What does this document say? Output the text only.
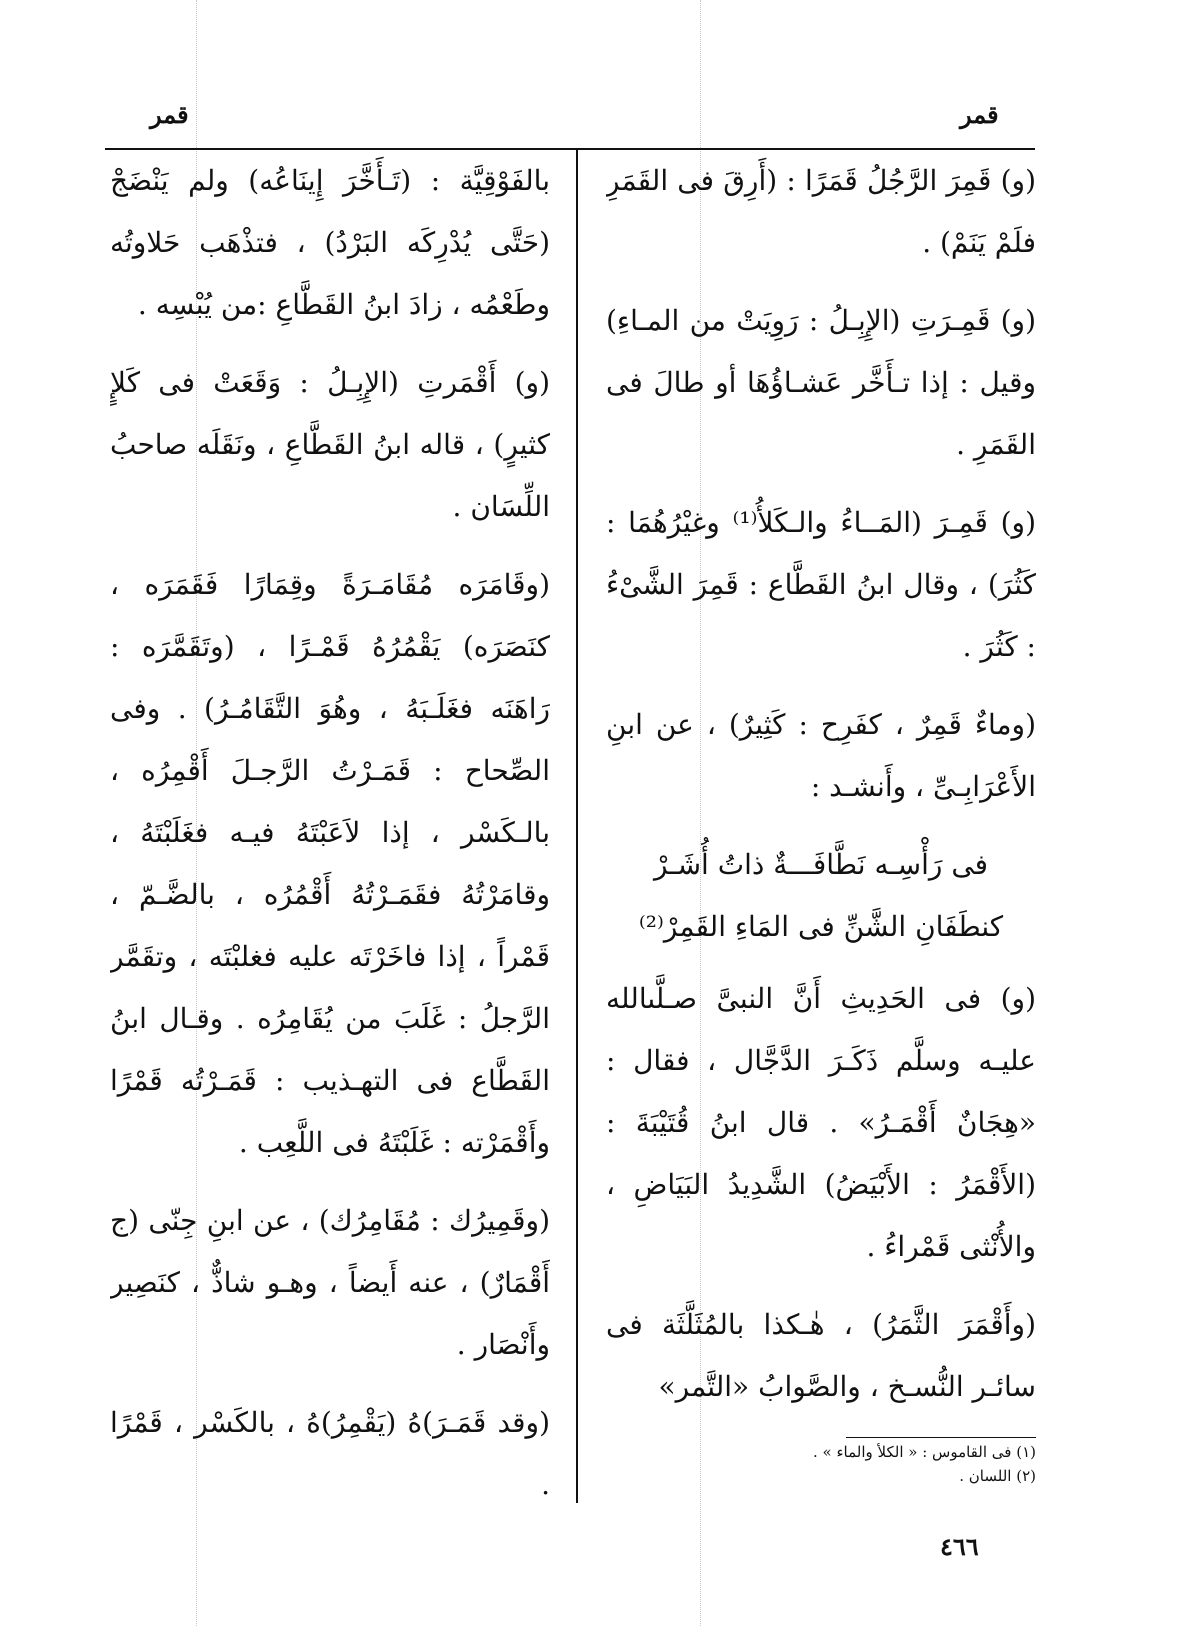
قمر
قمر

(و) قَمِرَ الرَّجُلُ قَمَرًا : (أَرِقَ فى القَمَرِ فلَمْ يَنَمْ) .

(و) قَمِـرَتِ (الإِبِـلُ : رَوِيَتْ من المـاءِ) وقيل : إذا تـأَخَّر عَشـاؤُهَا أو طالَ فى القَمَرِ .

(و) قَمِـرَ (المَــاءُ والـكَلأُ⁽¹⁾ وغيْرُهُمَا : كَثُرَ) ، وقال ابنُ القَطَّاع : قَمِرَ الشَّىْءُ : كَثُرَ .

(وماءٌ قَمِرٌ ، كفَرِح : كَثِيرٌ) ، عن ابنِ الأَعْرَابِـىِّ ، وأَنشـد :

فى رَأْسِـه نَطَّافَـــةٌ ذاتُ أُشَـرْ

كنطَفَانِ الشَّنِّ فى المَاءِ القَمِرْ⁽²⁾

(و) فى الحَدِيثِ أَنَّ النبىَّ صـلَّىالله عليـه وسلَّم ذَكَـرَ الدَّجَّال ، فقال : «هِجَانٌ أَقْمَـرُ» . قال ابنُ قُتَيْبَةَ : (الأَقْمَرُ : الأَبْيَضُ) الشَّدِيدُ البَيَاضِ ، والأُنْثى قَمْراءُ .

(وأَقْمَرَ الثَّمَرُ) ، هٰـكذا بالمُثَلَّثَة فى سائـر النُّسـخ ، والصَّوابُ «التَّمر»

بالفَوْقِيَّة : (تَـأَخَّرَ إِينَاعُه) ولم يَنْضَجْ (حَتَّى يُدْرِكَه البَرْدُ) ، فتذْهَب حَلاوتُه وطَعْمُه ، زادَ ابنُ القَطَّاعِ :من يُبْسِه .

(و) أَقْمَرتِ (الإِبِـلُ : وَقَعَتْ فى كَلإٍ كثيرٍ) ، قاله ابنُ القَطَّاعِ ، ونَقَلَه صاحبُ اللِّسَان .

(وقَامَرَه مُقَامَـرَةً وقِمَارًا فَقَمَرَه ، كنَصَرَه) يَقْمُرُهُ قَمْـرًا ، (وتَقَمَّرَه : رَاهَنَه فغَلَـبَهُ ، وهُوَ التَّقَامُـرُ) . وفى الصِّحاح : قَمَـرْتُ الرَّجـلَ أَقْمِرُه ، بالـكَسْر ، إذا لاَعَبْتَهُ فيـه فغَلَبْتَهُ ، وقامَرْتُهُ فقَمَـرْتُهُ أَقْمُرُه ، بالضَّـمّ ، قَمْراً ، إذا فاخَرْتَه عليه فغلبْتَه ، وتقَمَّر الرَّجلُ : غَلَبَ من يُقَامِرُه . وقـال ابنُ القَطَّاع فى التهـذيب : قَمَـرْتُه قَمْرًا وأَقْمَرْته : غَلَبْتَهُ فى اللَّعِب .

(وقَمِيرُك : مُقَامِرُك) ، عن ابنِ جِنّى (ج أَقْمَارٌ) ، عنه أَيضاً ، وهـو شاذٌّ ، كنَصِير وأَنْصَار .

(وقد قَمَـرَ)هُ (يَقْمِرُ)هُ ، بالكَسْر ، قَمْرًا .

(١) فى القاموس : « الكلأ والماء » .
(٢) اللسان .
٤٦٦
